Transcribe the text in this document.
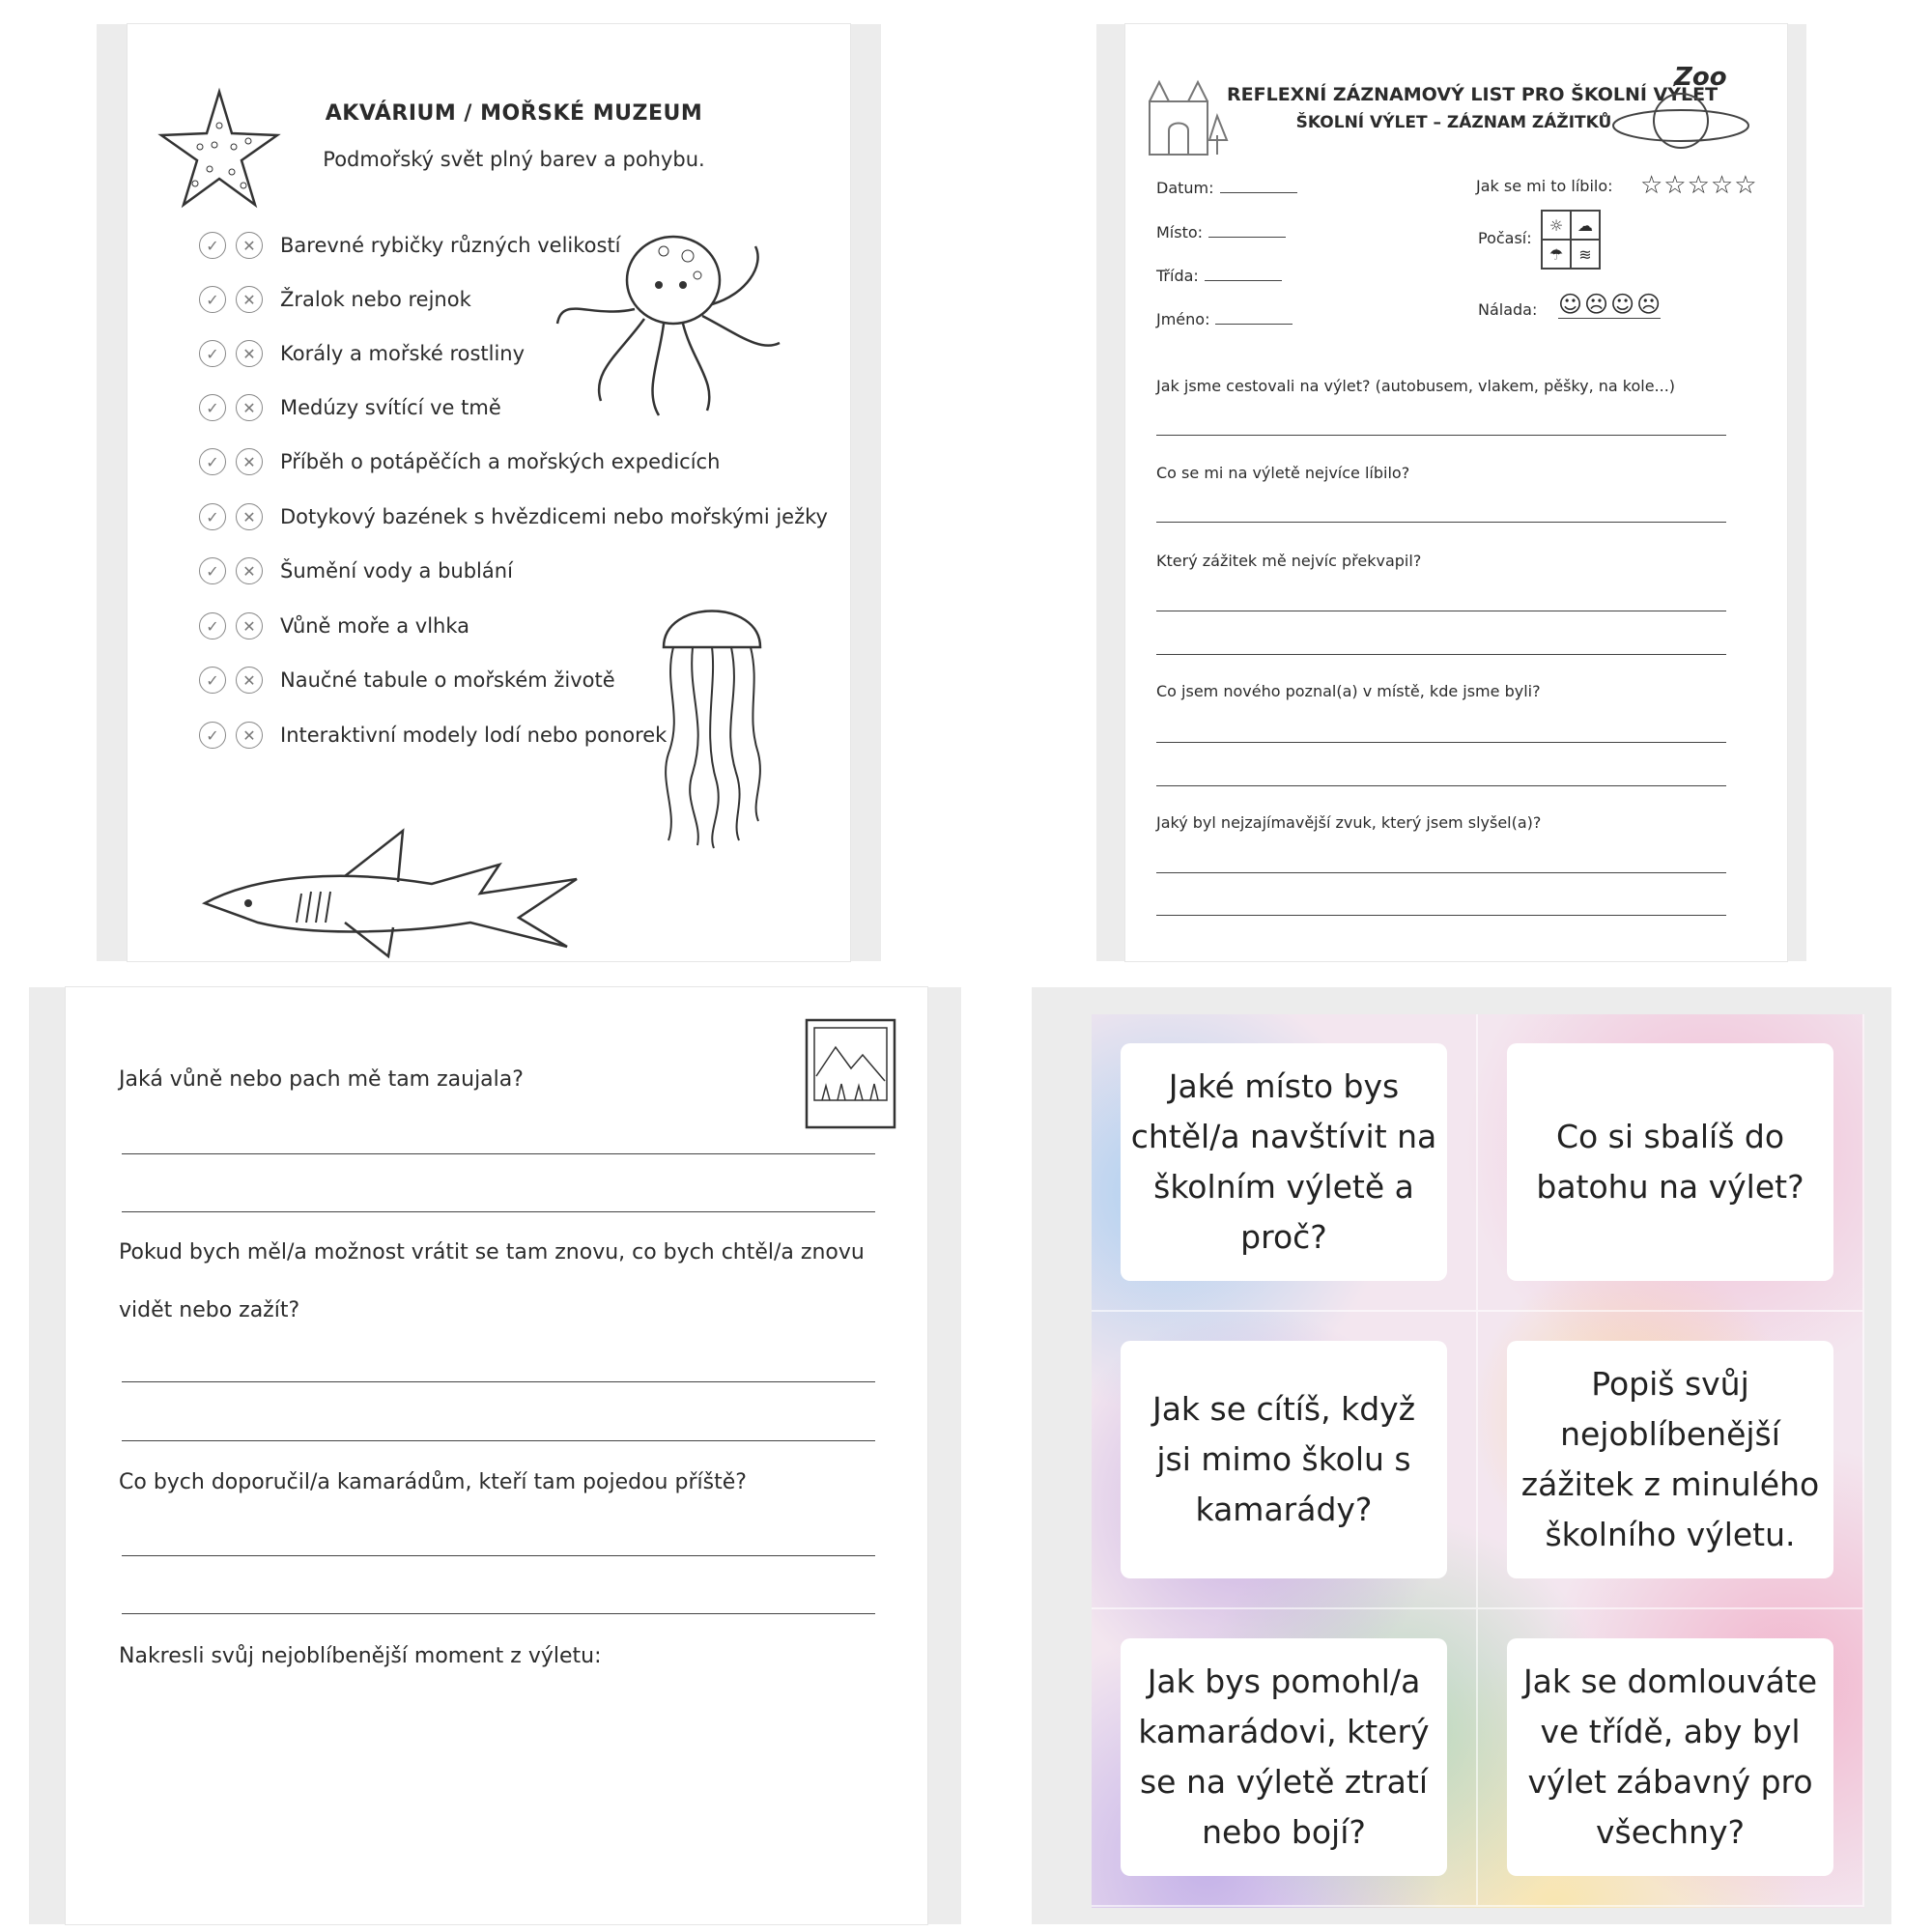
AKVÁRIUM / MOŘSKÉ MUZEUM
Podmořský svět plný barev a pohybu.
✓	✕	Barevné rybičky různých velikostí
✓	✕	Žralok nebo rejnok
✓	✕	Korály a mořské rostliny
✓	✕	Medúzy svítící ve tmě
✓	✕	Příběh o potápěčích a mořských expedicích
✓	✕	Dotykový bazének s hvězdicemi nebo mořskými ježky
✓	✕	Šumění vody a bublání
✓	✕	Vůně moře a vlhka
✓	✕	Naučné tabule o mořském životě
✓	✕	Interaktivní modely lodí nebo ponorek
REFLEXNÍ ZÁZNAMOVÝ LIST PRO ŠKOLNÍ VÝLET
ŠKOLNÍ VÝLET – ZÁZNAM ZÁŽITKŮ
Zoo
Datum:
Místo:
Třída:
Jméno:
Jak se mi to líbilo: ☆☆☆☆☆
Počasí:
☼ ☁
☂	≋
Nálada: ☺ ☹ ☺ ☹
Jak jsme cestovali na výlet? (autobusem, vlakem, pěšky, na kole...)
Co se mi na výletě nejvíce líbilo?
Který zážitek mě nejvíc překvapil?
Co jsem nového poznal(a) v místě, kde jsme byli?
Jaký byl nejzajímavější zvuk, který jsem slyšel(a)?
Jaká vůně nebo pach mě tam zaujala?
Pokud bych měl/a možnost vrátit se tam znovu, co bych chtěl/a znovu
vidět nebo zažít?
Co bych doporučil/a kamarádům, kteří tam pojedou příště?
Nakresli svůj nejoblíbenější moment z výletu:
Jaké místo bys chtěl/a navštívit na školním výletě a proč?
Co si sbalíš do batohu na výlet?
Jak se cítíš, když jsi mimo školu s kamarády?
Popiš svůj nejoblíbenější zážitek z minulého školního výletu.
Jak bys pomohl/a kamarádovi, který se na výletě ztratí nebo bojí?
Jak se domlouváte ve třídě, aby byl výlet zábavný pro všechny?
